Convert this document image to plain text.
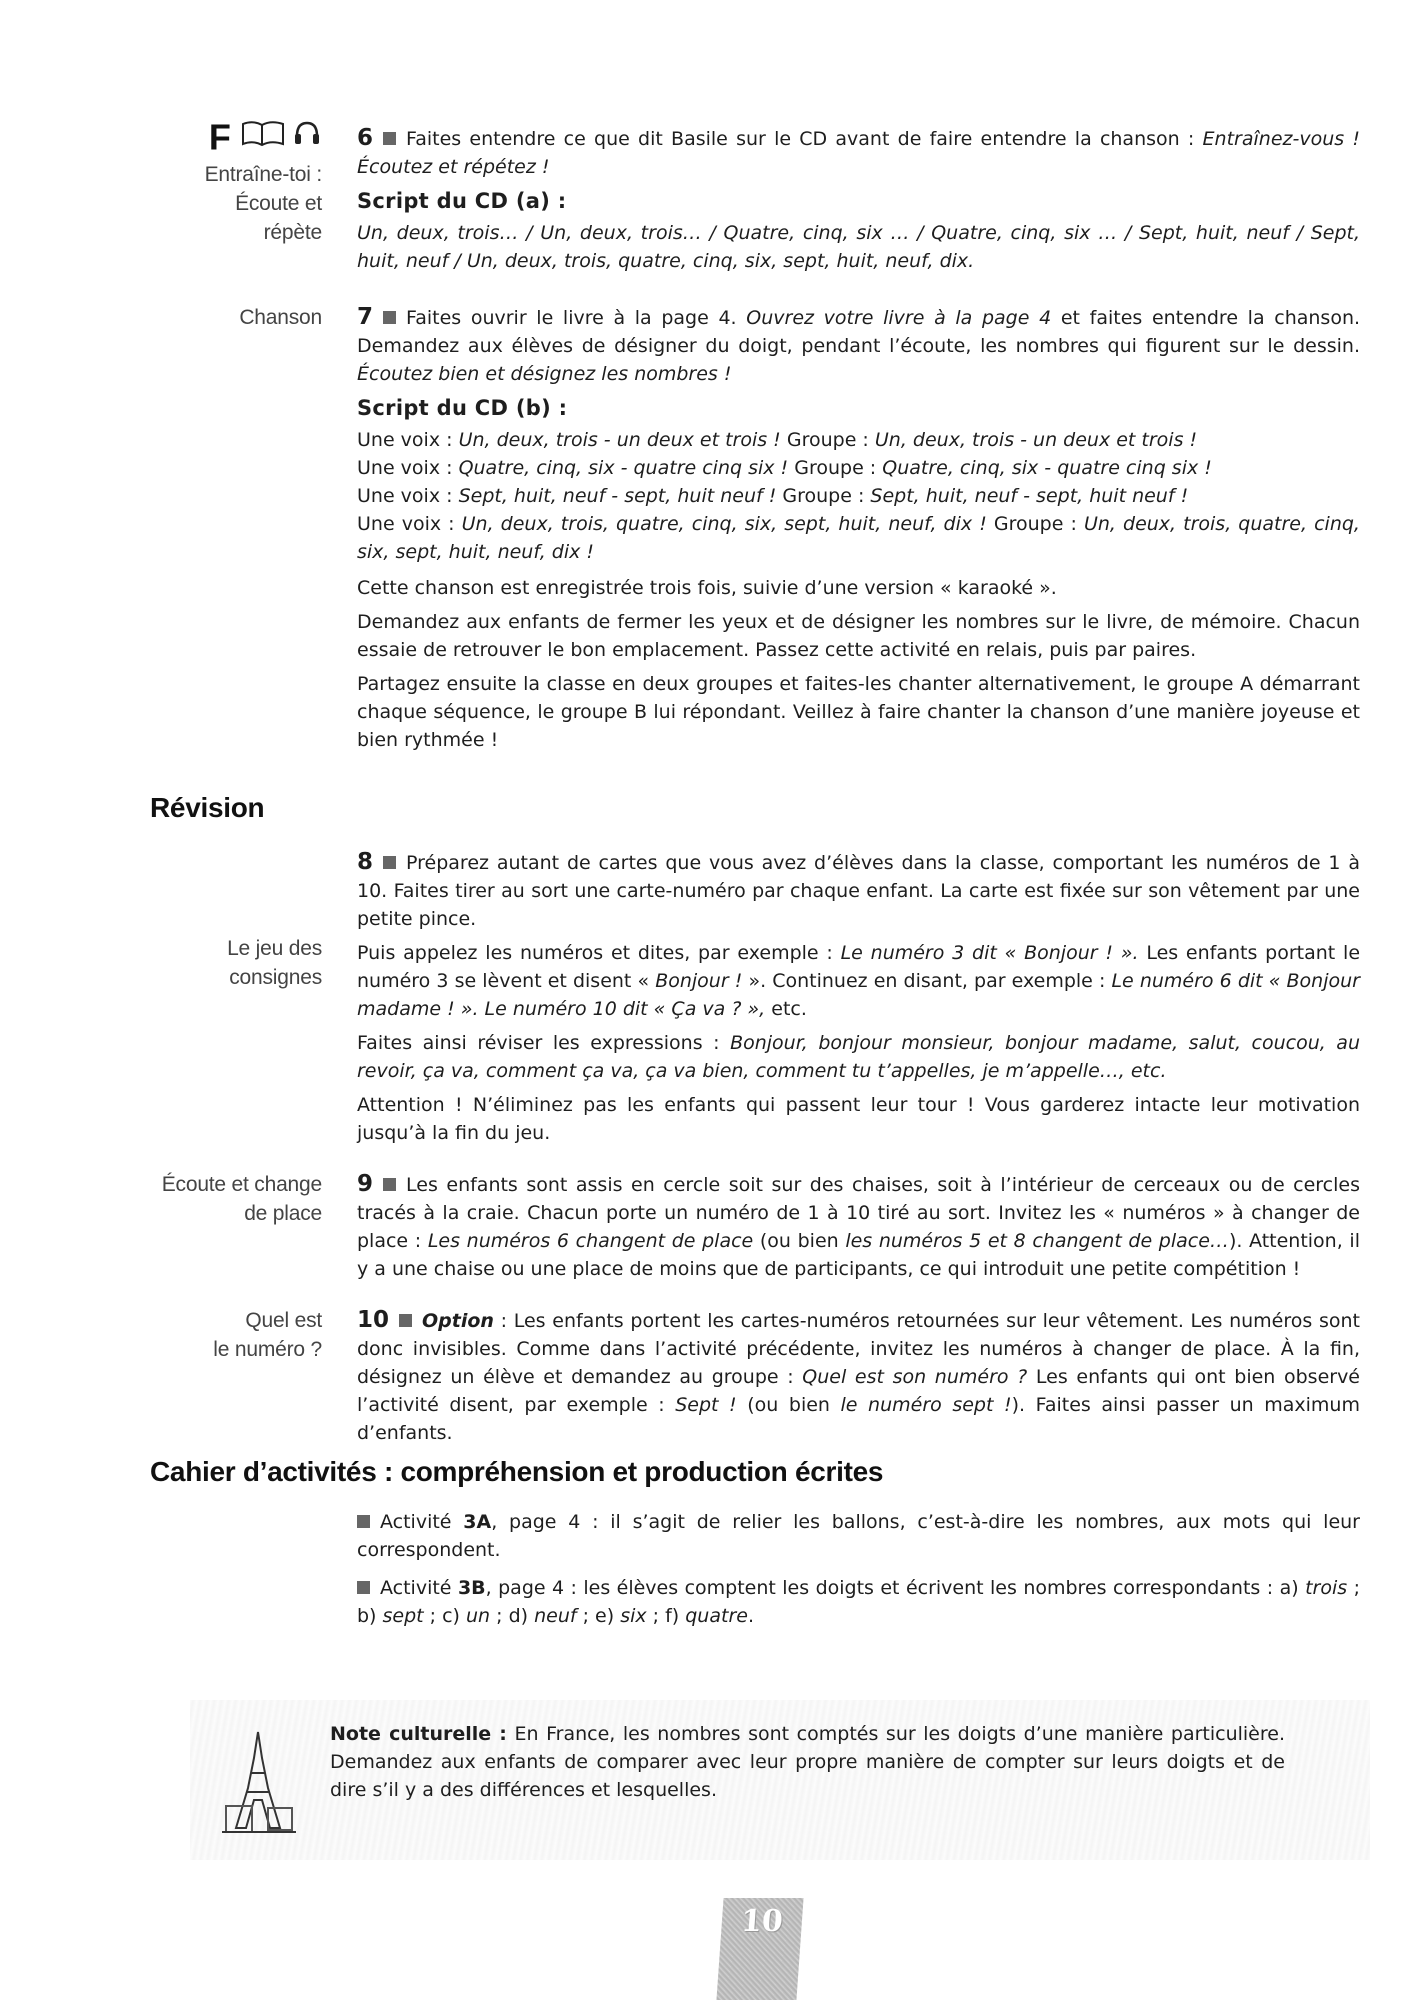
F
Entraîne-toi :
Écoute et
répète

6 Faites entendre ce que dit Basile sur le CD avant de faire entendre la chanson : Entraînez-vous ! Écoutez et répétez !

Script du CD (a) :

Un, deux, trois… / Un, deux, trois… / Quatre, cinq, six … / Quatre, cinq, six … / Sept, huit, neuf / Sept, huit, neuf / Un, deux, trois, quatre, cinq, six, sept, huit, neuf, dix.

Chanson 7 Faites ouvrir le livre à la page 4. Ouvrez votre livre à la page 4 et faites entendre la chanson. Demandez aux élèves de désigner du doigt, pendant l’écoute, les nombres qui figurent sur le dessin. Écoutez bien et désignez les nombres !

Script du CD (b) :

Une voix : Un, deux, trois - un deux et trois ! Groupe : Un, deux, trois - un deux et trois !
Une voix : Quatre, cinq, six - quatre cinq six ! Groupe : Quatre, cinq, six - quatre cinq six !
Une voix : Sept, huit, neuf - sept, huit neuf ! Groupe : Sept, huit, neuf - sept, huit neuf !
Une voix : Un, deux, trois, quatre, cinq, six, sept, huit, neuf, dix ! Groupe : Un, deux, trois, quatre, cinq, six, sept, huit, neuf, dix !

Cette chanson est enregistrée trois fois, suivie d’une version « karaoké ».

Demandez aux enfants de fermer les yeux et de désigner les nombres sur le livre, de mémoire. Chacun essaie de retrouver le bon emplacement. Passez cette activité en relais, puis par paires.

Partagez ensuite la classe en deux groupes et faites-les chanter alternativement, le groupe A démarrant chaque séquence, le groupe B lui répondant. Veillez à faire chanter la chanson d’une manière joyeuse et bien rythmée !

Révision

8 Préparez autant de cartes que vous avez d’élèves dans la classe, comportant les numéros de 1 à 10. Faites tirer au sort une carte-numéro par chaque enfant. La carte est fixée sur son vêtement par une petite pince.

Puis appelez les numéros et dites, par exemple : Le numéro 3 dit « Bonjour ! ». Les enfants portant le numéro 3 se lèvent et disent « Bonjour ! ». Continuez en disant, par exemple : Le numéro 6 dit « Bonjour madame ! ». Le numéro 10 dit « Ça va ? », etc.

Faites ainsi réviser les expressions : Bonjour, bonjour monsieur, bonjour madame, salut, coucou, au revoir, ça va, comment ça va, ça va bien, comment tu t’appelles, je m’appelle…, etc.

Attention ! N’éliminez pas les enfants qui passent leur tour ! Vous garderez intacte leur motivation jusqu’à la fin du jeu.

Le jeu des
consignes
Écoute et change
de place

9 Les enfants sont assis en cercle soit sur des chaises, soit à l’intérieur de cerceaux ou de cercles tracés à la craie. Chacun porte un numéro de 1 à 10 tiré au sort. Invitez les « numéros » à changer de place : Les numéros 6 changent de place (ou bien les numéros 5 et 8 changent de place…). Attention, il y a une chaise ou une place de moins que de participants, ce qui introduit une petite compétition !

Quel est
le numéro ?

10 Option : Les enfants portent les cartes-numéros retournées sur leur vêtement. Les numéros sont donc invisibles. Comme dans l’activité précédente, invitez les numéros à changer de place. À la fin, désignez un élève et demandez au groupe : Quel est son numéro ? Les enfants qui ont bien observé l’activité disent, par exemple : Sept ! (ou bien le numéro sept !). Faites ainsi passer un maximum d’enfants.

Cahier d’activités : compréhension et production écrites

Activité 3A, page 4 : il s’agit de relier les ballons, c’est-à-dire les nombres, aux mots qui leur correspondent.

Activité 3B, page 4 : les élèves comptent les doigts et écrivent les nombres correspondants : a) trois ; b) sept ; c) un ; d) neuf ; e) six ; f) quatre.

Note culturelle : En France, les nombres sont comptés sur les doigts d’une manière particulière. Demandez aux enfants de comparer avec leur propre manière de compter sur leurs doigts et de dire s’il y a des différences et lesquelles.
10
